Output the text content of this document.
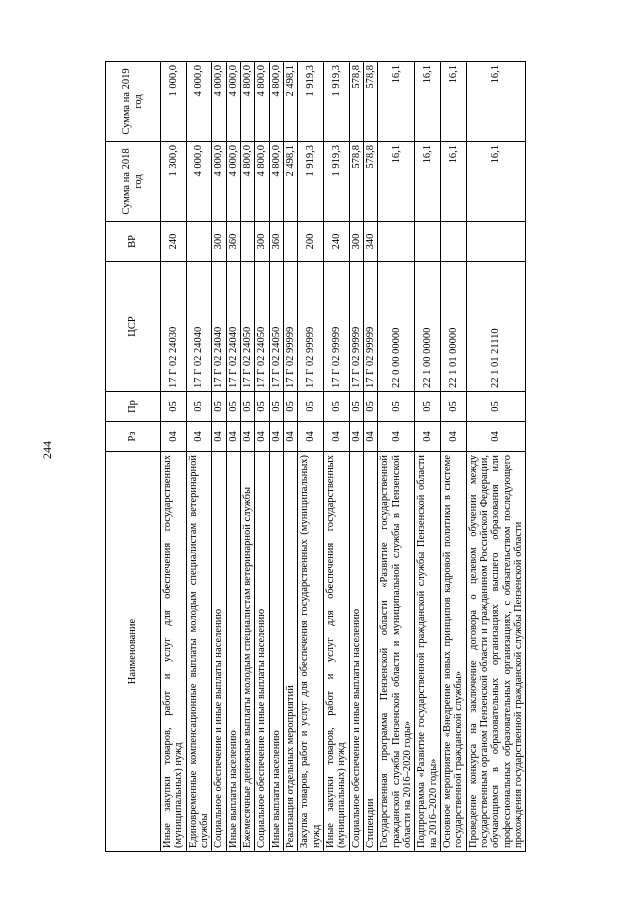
244
Наименование	Рз	Пр	ЦСР	ВР	Сумма на 2018 год	Сумма на 2019 год
Иные закупки товаров, работ и услуг для обеспечения государственных (муниципальных) нужд	04	05	17 Г 02 24030	240	1 300,0	1 000,0
Единовременные компенсационные выплаты молодым специалистам ветеринарной службы	04	05	17 Г 02 24040		4 000,0	4 000,0
Социальное обеспечение и иные выплаты населению	04	05	17 Г 02 24040	300	4 000,0	4 000,0
Иные выплаты населению	04	05	17 Г 02 24040	360	4 000,0	4 000,0
Ежемесячные денежные выплаты молодым специалистам ветеринарной службы	04	05	17 Г 02 24050		4 800,0	4 800,0
Социальное обеспечение и иные выплаты населению	04	05	17 Г 02 24050	300	4 800,0	4 800,0
Иные выплаты населению	04	05	17 Г 02 24050	360	4 800,0	4 800,0
Реализация отдельных мероприятий	04	05	17 Г 02 99999		2 498,1	2 498,1
Закупка товаров, работ и услуг для обеспечения государственных (муниципальных) нужд	04	05	17 Г 02 99999	200	1 919,3	1 919,3
Иные закупки товаров, работ и услуг для обеспечения государственных (муниципальных) нужд	04	05	17 Г 02 99999	240	1 919,3	1 919,3
Социальное обеспечение и иные выплаты населению	04	05	17 Г 02 99999	300	578,8	578,8
Стипендии	04	05	17 Г 02 99999	340	578,8	578,8
Государственная программа Пензенской области «Развитие государственной гражданской службы Пензенской области и муниципальной службы в Пензенской области на 2016–2020 годы»	04	05	22 0 00 00000		16,1	16,1
Подпрограмма «Развитие государственной гражданской службы Пензенской области на 2016–2020 годы»	04	05	22 1 00 00000		16,1	16,1
Основное мероприятие «Внедрение новых принципов кадровой политики в системе государственной гражданской службы»	04	05	22 1 01 00000		16,1	16,1
Проведение конкурса на заключение договора о целевом обучении между государственным органом Пензенской области и гражданином Российской Федерации, обучающимся в образовательных организациях высшего образования или профессиональных образовательных организациях, с обязательством последующего прохождения государственной гражданской службы Пензенской области	04	05	22 1 01 21110		16,1	16,1
